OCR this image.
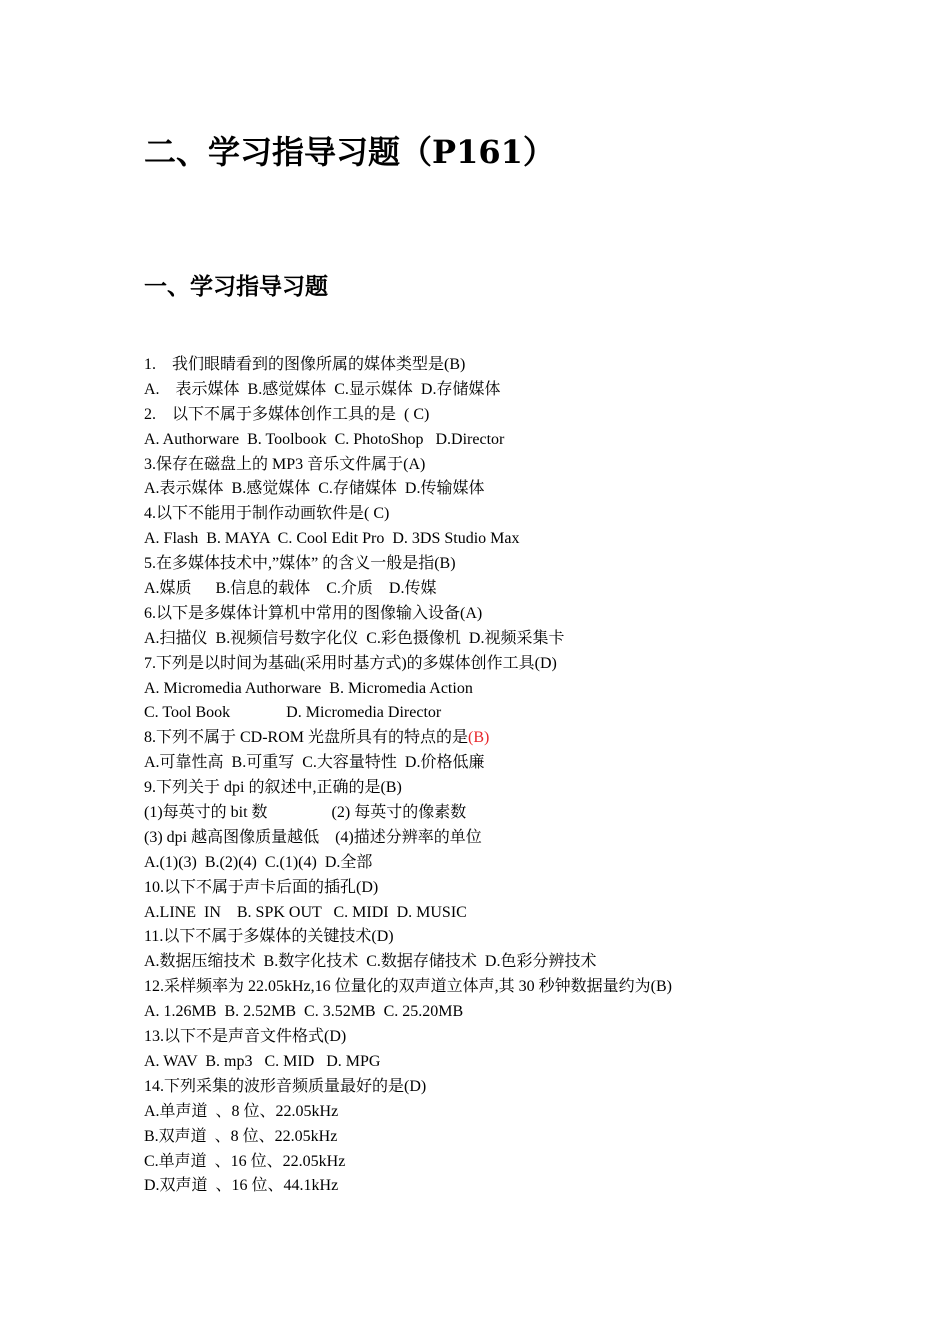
二、学习指导习题（P161）
一、学习指导习题
1.    我们眼睛看到的图像所属的媒体类型是(B)
A.    表示媒体  B.感觉媒体  C.显示媒体  D.存储媒体
2.    以下不属于多媒体创作工具的是  ( C)
A. Authorware  B. Toolbook  C. PhotoShop   D.Director
3.保存在磁盘上的 MP3 音乐文件属于(A)
A.表示媒体  B.感觉媒体  C.存储媒体  D.传输媒体
4.以下不能用于制作动画软件是( C)
A. Flash  B. MAYA  C. Cool Edit Pro  D. 3DS Studio Max
5.在多媒体技术中,”媒体” 的含义一般是指(B)
A.媒质      B.信息的载体    C.介质    D.传媒
6.以下是多媒体计算机中常用的图像输入设备(A)
A.扫描仪  B.视频信号数字化仪  C.彩色摄像机  D.视频采集卡
7.下列是以时间为基础(采用时基方式)的多媒体创作工具(D)
A. Micromedia Authorware  B. Micromedia Action
C. Tool Book              D. Micromedia Director
8.下列不属于 CD-ROM 光盘所具有的特点的是(B)
A.可靠性高  B.可重写  C.大容量特性  D.价格低廉
9.下列关于 dpi 的叙述中,正确的是(B)
(1)每英寸的 bit 数                (2) 每英寸的像素数
(3) dpi 越高图像质量越低    (4)描述分辨率的单位
A.(1)(3)  B.(2)(4)  C.(1)(4)  D.全部
10.以下不属于声卡后面的插孔(D)
A.LINE  IN    B. SPK OUT   C. MIDI  D. MUSIC
11.以下不属于多媒体的关键技术(D)
A.数据压缩技术  B.数字化技术  C.数据存储技术  D.色彩分辨技术
12.采样频率为 22.05kHz,16 位量化的双声道立体声,其 30 秒钟数据量约为(B)
A. 1.26MB  B. 2.52MB  C. 3.52MB  C. 25.20MB
13.以下不是声音文件格式(D)
A. WAV  B. mp3   C. MID   D. MPG
14.下列采集的波形音频质量最好的是(D)
A.单声道  、8 位、22.05kHz
B.双声道  、8 位、22.05kHz
C.单声道  、16 位、22.05kHz
D.双声道  、16 位、44.1kHz
